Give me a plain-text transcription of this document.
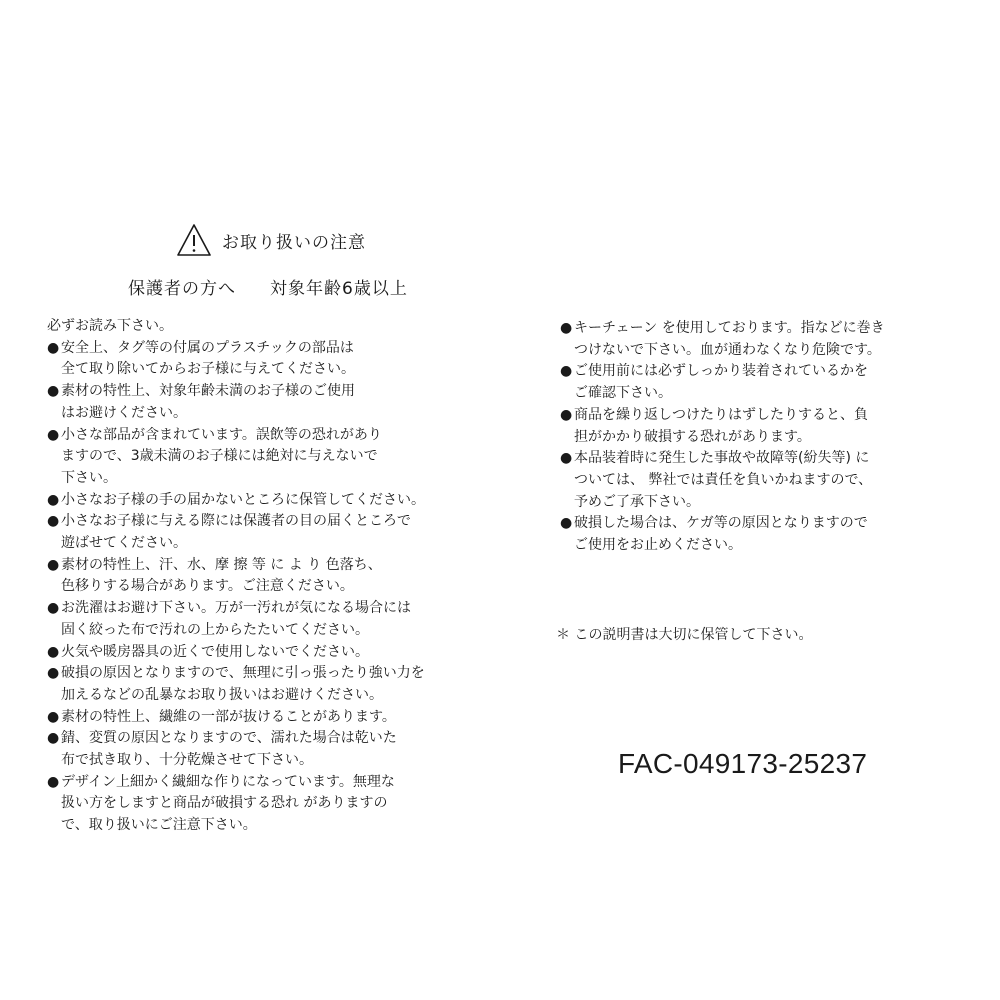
お取り扱いの注意
保護者の方へ 対象年齢6歳以上
必ずお読み下さい。
● 安全上、タグ等の付属のプラスチックの部品は
全て取り除いてからお子様に与えてください。
● 素材の特性上、対象年齢未満のお子様のご使用
はお避けください。
● 小さな部品が含まれています。誤飲等の恐れがあり
ますので、3歳未満のお子様には絶対に与えないで
下さい。
● 小さなお子様の手の届かないところに保管してください。
● 小さなお子様に与える際には保護者の目の届くところで
遊ばせてください。
● 素材の特性上、汗、水、摩 擦 等 に よ り 色落ち、
色移りする場合があります。ご注意ください。
● お洗濯はお避け下さい。万が一汚れが気になる場合には
固く絞った布で汚れの上からたたいてください。
● 火気や暖房器具の近くで使用しないでください。
● 破損の原因となりますので、無理に引っ張ったり強い力を
加えるなどの乱暴なお取り扱いはお避けください。
● 素材の特性上、繊維の一部が抜けることがあります。
● 錆、変質の原因となりますので、濡れた場合は乾いた
布で拭き取り、十分乾燥させて下さい。
● デザイン上細かく繊細な作りになっています。無理な
扱い方をしますと商品が破損する恐れ がありますの
で、取り扱いにご注意下さい。
● キーチェーン を使用しております。指などに巻き
つけないで下さい。血が通わなくなり危険です。
● ご使用前には必ずしっかり装着されているかを
ご確認下さい。
● 商品を繰り返しつけたりはずしたりすると、負
担がかかり破損する恐れがあります。
● 本品装着時に発生した事故や故障等(紛失等) に
ついては、 弊社では責任を負いかねますので、
予めご了承下さい。
● 破損した場合は、ケガ等の原因となりますので
ご使用をお止めください。
＊ この説明書は大切に保管して下さい。
FAC-049173-25237
